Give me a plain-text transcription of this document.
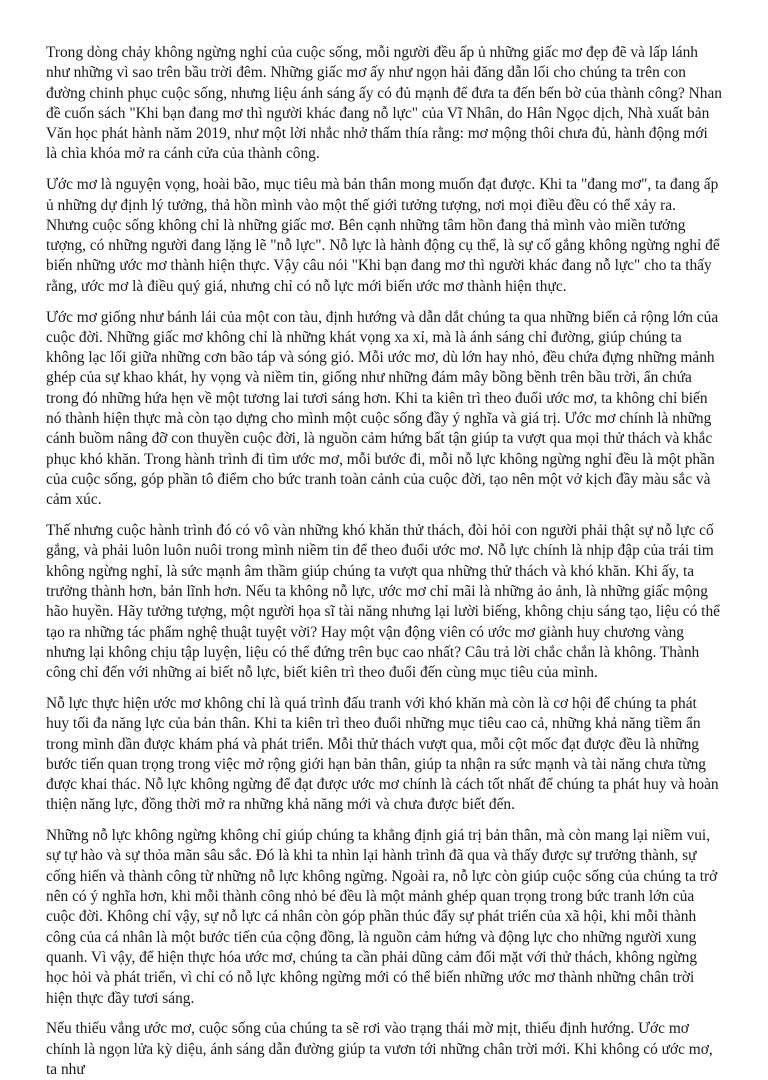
Trong dòng chảy không ngừng nghỉ của cuộc sống, mỗi người đều ấp ủ những giấc mơ đẹp đẽ và lấp lánh như những vì sao trên bầu trời đêm. Những giấc mơ ấy như ngọn hải đăng dẫn lối cho chúng ta trên con đường chinh phục cuộc sống, nhưng liệu ánh sáng ấy có đủ mạnh để đưa ta đến bến bờ của thành công? Nhan đề cuốn sách "Khi bạn đang mơ thì người khác đang nỗ lực" của Vĩ Nhân, do Hân Ngọc dịch, Nhà xuất bản Văn học phát hành năm 2019, như một lời nhắc nhở thấm thía rằng: mơ mộng thôi chưa đủ, hành động mới là chìa khóa mở ra cánh cửa của thành công.

Ước mơ là nguyện vọng, hoài bão, mục tiêu mà bản thân mong muốn đạt được. Khi ta "đang mơ", ta đang ấp ủ những dự định lý tưởng, thả hồn mình vào một thế giới tưởng tượng, nơi mọi điều đều có thể xảy ra. Nhưng cuộc sống không chỉ là những giấc mơ. Bên cạnh những tâm hồn đang thả mình vào miền tưởng tượng, có những người đang lặng lẽ "nỗ lực". Nỗ lực là hành động cụ thể, là sự cố gắng không ngừng nghỉ để biến những ước mơ thành hiện thực. Vậy câu nói "Khi bạn đang mơ thì người khác đang nỗ lực" cho ta thấy rằng, ước mơ là điều quý giá, nhưng chỉ có nỗ lực mới biến ước mơ thành hiện thực.

Ước mơ giống như bánh lái của một con tàu, định hướng và dẫn dắt chúng ta qua những biển cả rộng lớn của cuộc đời. Những giấc mơ không chỉ là những khát vọng xa xỉ, mà là ánh sáng chỉ đường, giúp chúng ta không lạc lối giữa những cơn bão táp và sóng gió. Mỗi ước mơ, dù lớn hay nhỏ, đều chứa đựng những mảnh ghép của sự khao khát, hy vọng và niềm tin, giống như những đám mây bồng bềnh trên bầu trời, ẩn chứa trong đó những hứa hẹn về một tương lai tươi sáng hơn. Khi ta kiên trì theo đuổi ước mơ, ta không chỉ biến nó thành hiện thực mà còn tạo dựng cho mình một cuộc sống đầy ý nghĩa và giá trị. Ước mơ chính là những cánh buồm nâng đỡ con thuyền cuộc đời, là nguồn cảm hứng bất tận giúp ta vượt qua mọi thử thách và khắc phục khó khăn. Trong hành trình đi tìm ước mơ, mỗi bước đi, mỗi nỗ lực không ngừng nghỉ đều là một phần của cuộc sống, góp phần tô điểm cho bức tranh toàn cảnh của cuộc đời, tạo nên một vở kịch đầy màu sắc và cảm xúc.

Thế nhưng cuộc hành trình đó có vô vàn những khó khăn thử thách, đòi hỏi con người phải thật sự nỗ lực cố gắng, và phải luôn luôn nuôi trong mình niềm tin để theo đuổi ước mơ. Nỗ lực chính là nhịp đập của trái tim không ngừng nghỉ, là sức mạnh âm thầm giúp chúng ta vượt qua những thử thách và khó khăn. Khi ấy, ta trưởng thành hơn, bản lĩnh hơn. Nếu ta không nỗ lực, ước mơ chỉ mãi là những ảo ảnh, là những giấc mộng hão huyền. Hãy tưởng tượng, một người họa sĩ tài năng nhưng lại lười biếng, không chịu sáng tạo, liệu có thể tạo ra những tác phẩm nghệ thuật tuyệt vời? Hay một vận động viên có ước mơ giành huy chương vàng nhưng lại không chịu tập luyện, liệu có thể đứng trên bục cao nhất? Câu trả lời chắc chắn là không. Thành công chỉ đến với những ai biết nỗ lực, biết kiên trì theo đuổi đến cùng mục tiêu của mình.

Nỗ lực thực hiện ước mơ không chỉ là quá trình đấu tranh với khó khăn mà còn là cơ hội để chúng ta phát huy tối đa năng lực của bản thân. Khi ta kiên trì theo đuổi những mục tiêu cao cả, những khả năng tiềm ẩn trong mình dần được khám phá và phát triển. Mỗi thử thách vượt qua, mỗi cột mốc đạt được đều là những bước tiến quan trọng trong việc mở rộng giới hạn bản thân, giúp ta nhận ra sức mạnh và tài năng chưa từng được khai thác. Nỗ lực không ngừng để đạt được ước mơ chính là cách tốt nhất để chúng ta phát huy và hoàn thiện năng lực, đồng thời mở ra những khả năng mới và chưa được biết đến.

Những nỗ lực không ngừng không chỉ giúp chúng ta khẳng định giá trị bản thân, mà còn mang lại niềm vui, sự tự hào và sự thỏa mãn sâu sắc. Đó là khi ta nhìn lại hành trình đã qua và thấy được sự trưởng thành, sự cống hiến và thành công từ những nỗ lực không ngừng. Ngoài ra, nỗ lực còn giúp cuộc sống của chúng ta trở nên có ý nghĩa hơn, khi mỗi thành công nhỏ bé đều là một mảnh ghép quan trọng trong bức tranh lớn của cuộc đời. Không chỉ vậy, sự nỗ lực cá nhân còn góp phần thúc đẩy sự phát triển của xã hội, khi mỗi thành công của cá nhân là một bước tiến của cộng đồng, là nguồn cảm hứng và động lực cho những người xung quanh. Vì vậy, để hiện thực hóa ước mơ, chúng ta cần phải dũng cảm đối mặt với thử thách, không ngừng học hỏi và phát triển, vì chỉ có nỗ lực không ngừng mới có thể biến những ước mơ thành những chân trời hiện thực đầy tươi sáng.

Nếu thiếu vắng ước mơ, cuộc sống của chúng ta sẽ rơi vào trạng thái mờ mịt, thiếu định hướng. Ước mơ chính là ngọn lửa kỳ diệu, ánh sáng dẫn đường giúp ta vươn tới những chân trời mới. Khi không có ước mơ, ta như
